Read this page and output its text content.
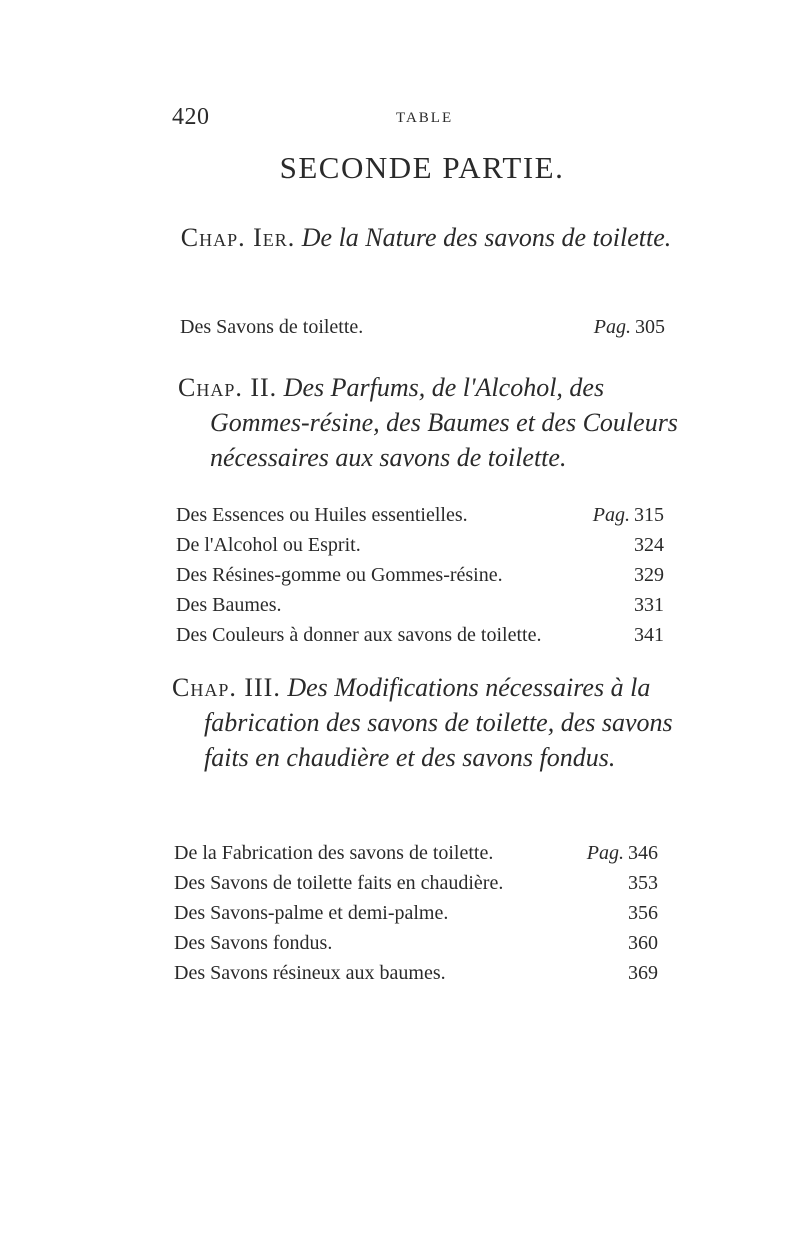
420	TABLE
SECONDE PARTIE.
Chap. Ier. De la Nature des savons de toilette.
Des Savons de toilette.	Pag. 305
Chap. II. Des Parfums, de l'Alcohol, des Gommes-résine, des Baumes et des Couleurs nécessaires aux savons de toilette.
Des Essences ou Huiles essentielles.	Pag. 315
De l'Alcohol ou Esprit.	324
Des Résines-gomme ou Gommes-résine.	329
Des Baumes.	331
Des Couleurs à donner aux savons de toilette.	341
Chap. III. Des Modifications nécessaires à la fabrication des savons de toilette, des savons faits en chaudière et des savons fondus.
De la Fabrication des savons de toilette.	Pag. 346
Des Savons de toilette faits en chaudière.	353
Des Savons-palme et demi-palme.	356
Des Savons fondus.	360
Des Savons résineux aux baumes.	369
